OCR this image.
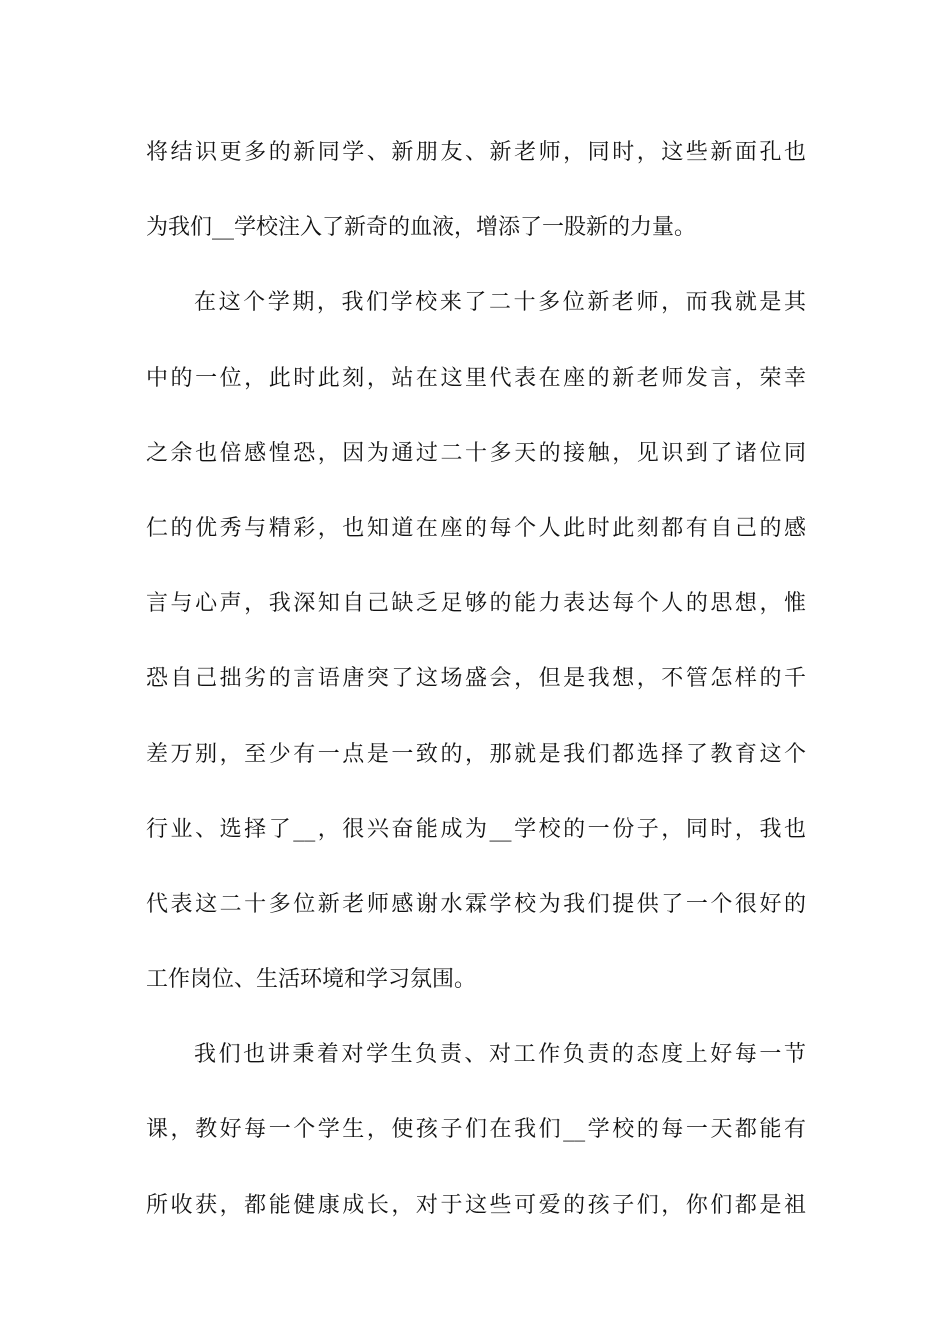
将结识更多的新同学、新朋友、新老师，同时，这些新面孔也
为我们__学校注入了新奇的血液，增添了一股新的力量。
在这个学期，我们学校来了二十多位新老师，而我就是其
中的一位，此时此刻，站在这里代表在座的新老师发言，荣幸
之余也倍感惶恐，因为通过二十多天的接触，见识到了诸位同
仁的优秀与精彩，也知道在座的每个人此时此刻都有自己的感
言与心声，我深知自己缺乏足够的能力表达每个人的思想，惟
恐自己拙劣的言语唐突了这场盛会，但是我想，不管怎样的千
差万别，至少有一点是一致的，那就是我们都选择了教育这个
行业、选择了__，很兴奋能成为__学校的一份子，同时，我也
代表这二十多位新老师感谢水霖学校为我们提供了一个很好的
工作岗位、生活环境和学习氛围。
我们也讲秉着对学生负责、对工作负责的态度上好每一节
课，教好每一个学生，使孩子们在我们__学校的每一天都能有
所收获，都能健康成长，对于这些可爱的孩子们，你们都是祖
